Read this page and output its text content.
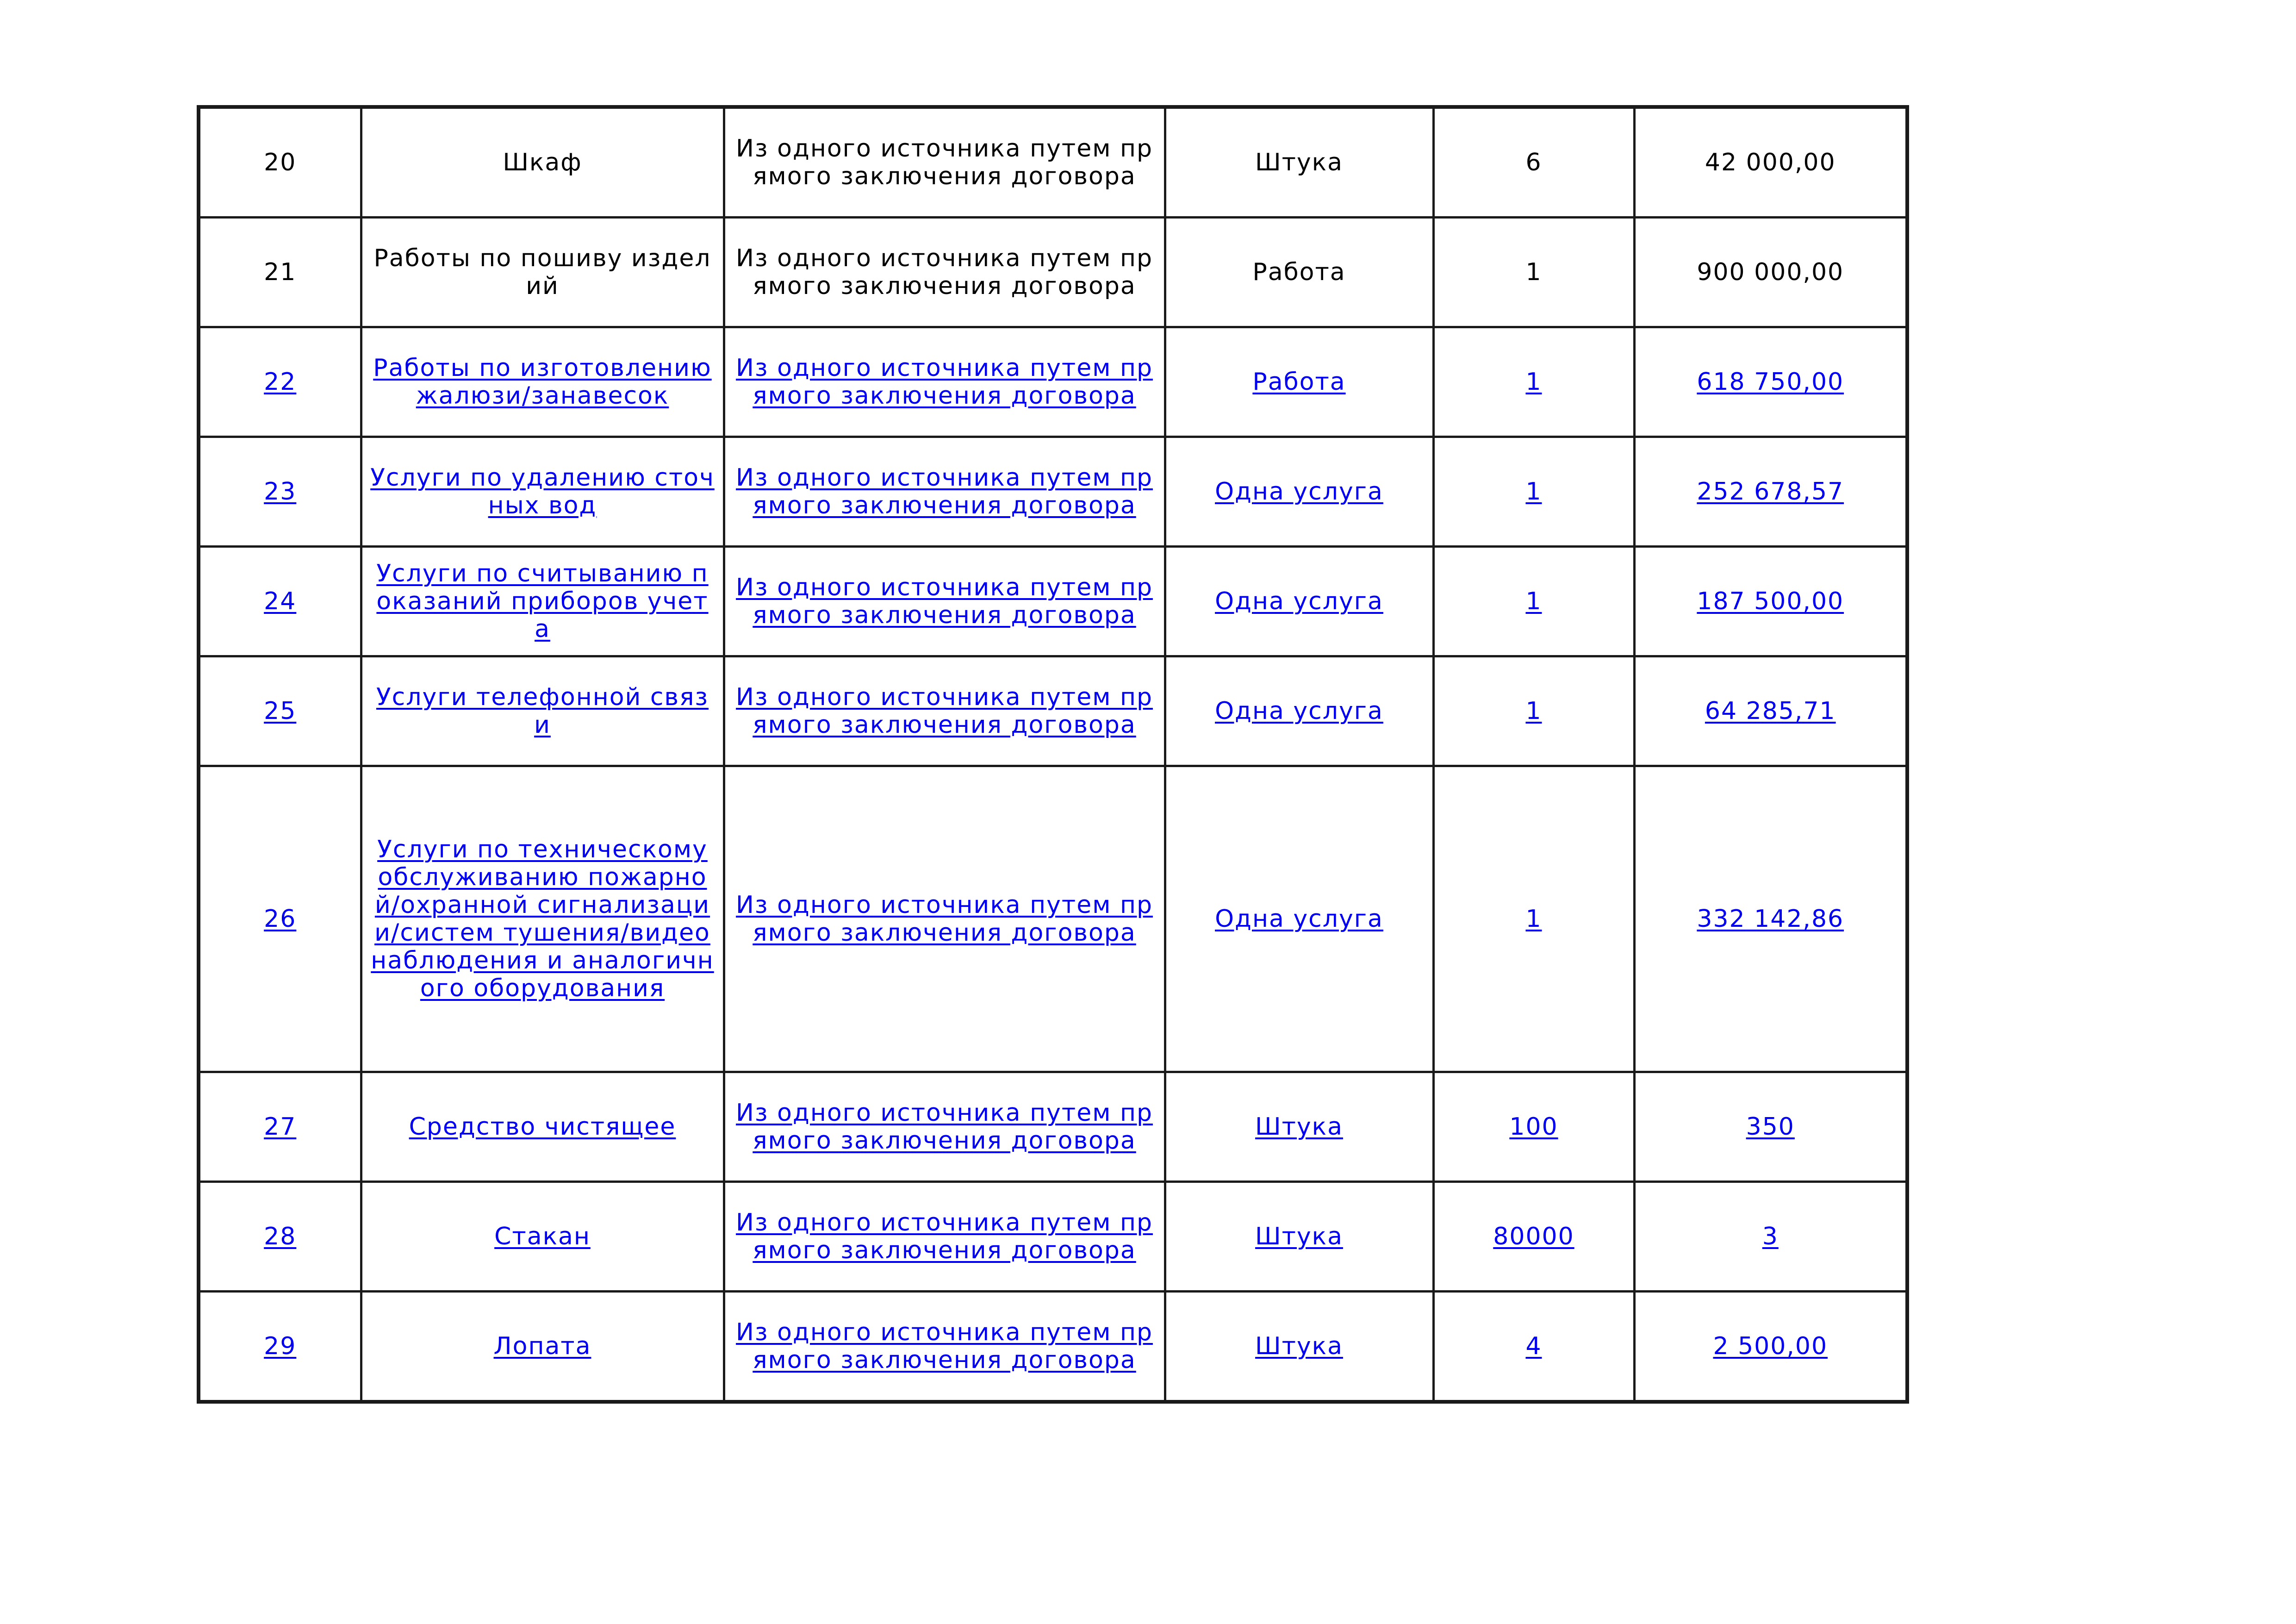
20	Шкаф	Из одного источника путем прямого заключения договора	Штука	6	42 000,00
21	Работы по пошиву изделий	Из одного источника путем прямого заключения договора	Работа	1	900 000,00
22	Работы по изготовлению жалюзи/занавесок	Из одного источника путем прямого заключения договора	Работа	1	618 750,00
23	Услуги по удалению сточных вод	Из одного источника путем прямого заключения договора	Одна услуга	1	252 678,57
24	Услуги по считыванию показаний приборов учета	Из одного источника путем прямого заключения договора	Одна услуга	1	187 500,00
25	Услуги телефонной связи	Из одного источника путем прямого заключения договора	Одна услуга	1	64 285,71
26	Услуги по техническому обслуживанию пожарной/охранной сигнализации/систем тушения/видеонаблюдения и аналогичного оборудования	Из одного источника путем прямого заключения договора	Одна услуга	1	332 142,86
27	Средство чистящее	Из одного источника путем прямого заключения договора	Штука	100	350
28	Стакан	Из одного источника путем прямого заключения договора	Штука	80000	3
29	Лопата	Из одного источника путем прямого заключения договора	Штука	4	2 500,00
